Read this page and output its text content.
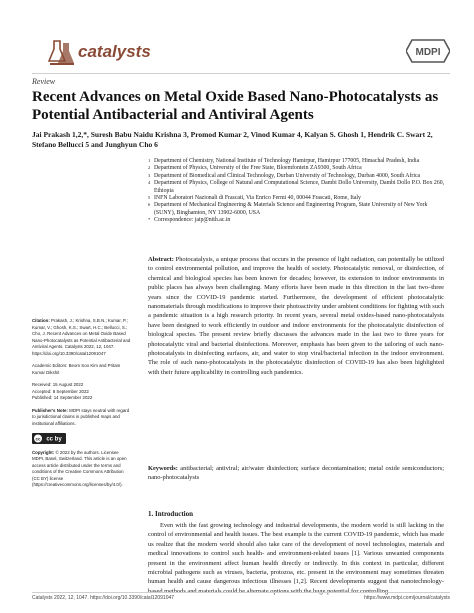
catalysts	MDPI
Review
Recent Advances on Metal Oxide Based Nano-Photocatalysts as Potential Antibacterial and Antiviral Agents
Jai Prakash 1,2,*, Suresh Babu Naidu Krishna 3, Promod Kumar 2, Vinod Kumar 4, Kalyan S. Ghosh 1, Hendrik C. Swart 2, Stefano Bellucci 5 and Junghyun Cho 6
1 Department of Chemistry, National Institute of Technology Hamirpur, Hamirpur 177005, Himachal Pradesh, India
2 Department of Physics, University of the Free State, Bloemfontein ZA9300, South Africa
3 Department of Biomedical and Clinical Technology, Durban University of Technology, Durban 4000, South Africa
4 Department of Physics, College of Natural and Computational Science, Dambi Dollo University, Dambi Dollo P.O. Box 260, Ethiopia
5 INFN Laboratori Nazionali di Frascati, Via Enrico Fermi 40, 00044 Frascati, Rome, Italy
6 Department of Mechanical Engineering & Materials Science and Engineering Program, State University of New York (SUNY), Binghamton, NY 13902-6000, USA
* Correspondence: jaip@nith.ac.in
Abstract: Photocatalysis, a unique process that occurs in the presence of light radiation, can potentially be utilized to control environmental pollution, and improve the health of society. Photocatalytic removal, or disinfection, of chemical and biological species has been known for decades; however, its extension to indoor environments in public places has always been challenging. Many efforts have been made in this direction in the last two–three years since the COVID-19 pandemic started. Furthermore, the development of efficient photocatalytic nanomaterials through modifications to improve their photoactivity under ambient conditions for fighting with such a pandemic situation is a high research priority. In recent years, several metal oxides-based nano-photocatalysts have been designed to work efficiently in outdoor and indoor environments for the photocatalytic disinfection of biological species. The present review briefly discusses the advances made in the last two to three years for photocatalytic viral and bacterial disinfections. Moreover, emphasis has been given to the tailoring of such nano-photocatalysts in disinfecting surfaces, air, and water to stop viral/bacterial infection in the indoor environment. The role of such nano-photocatalysts in the photocatalytic disinfection of COVID-19 has also been highlighted with their future applicability in controlling such pandemics.
Keywords: antibacterial; antiviral; air/water disinfection; surface decontamination; metal oxide semiconductors; nano-photocatalysts
Citation: Prakash, J.; Krishna, S.B.N.; Kumar, P.; Kumar, V.; Ghosh, K.S.; Swart, H.C.; Bellucci, S.; Cho, J. Recent Advances on Metal Oxide Based Nano-Photocatalysts as Potential Antibacterial and Antiviral Agents. Catalysts 2022, 12, 1047. https://doi.org/10.3390/catal12091047
Academic Editors: Beom Soo Kim and Pritam Kumar Dikshit
Received: 15 August 2022
Accepted: 8 September 2022
Published: 14 September 2022
Publisher's Note: MDPI stays neutral with regard to jurisdictional claims in published maps and institutional affiliations.
cc cc by
Copyright: © 2022 by the authors. Licensee MDPI, Basel, Switzerland. This article is an open access article distributed under the terms and conditions of the Creative Commons Attribution (CC BY) license (https://creativecommons.org/licenses/by/4.0/).
1. Introduction
Even with the fast growing technology and industrial developments, the modern world is still lacking in the control of environmental and health issues. The best example is the current COVID-19 pandemic, which has made us realize that the modern world should also take care of the development of novel technologies, materials and medical innovations to control such health- and environment-related issues [1]. Various unwanted components present in the environment affect human health directly or indirectly. In this context in particular, different microbial pathogens such as viruses, bacteria, protozoa, etc. present in the environment may sometimes threaten human health and cause dangerous infectious illnesses [1,2]. Recent developments suggest that nanotechnology-
Catalysts 2022, 12, 1047. https://doi.org/10.3390/catal12091047	https://www.mdpi.com/journal/catalysts
